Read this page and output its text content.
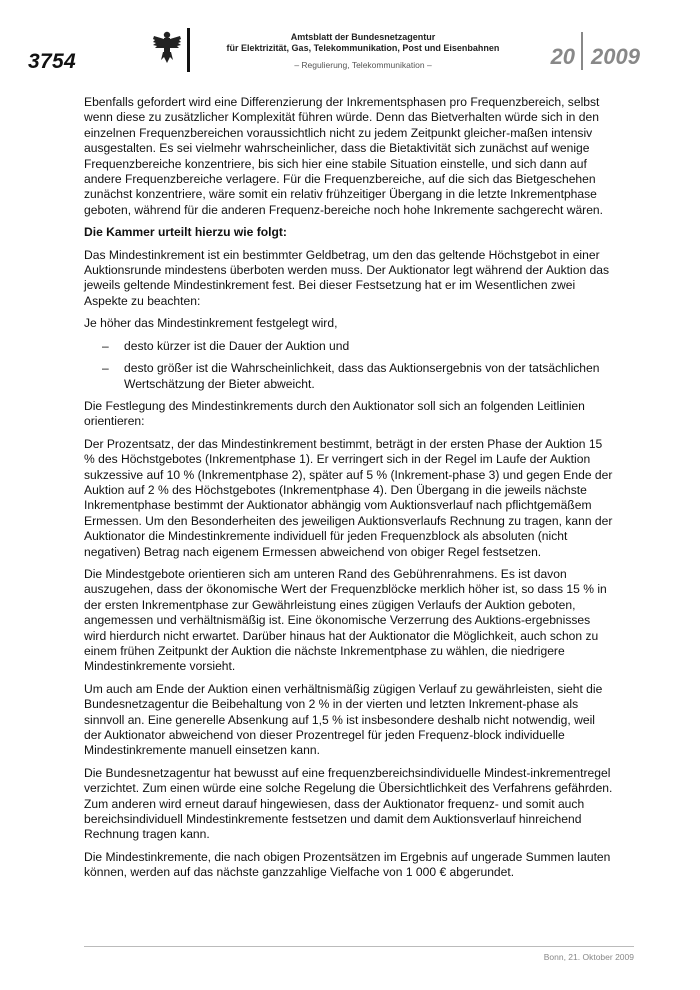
3754
Amtsblatt der Bundesnetzagentur
für Elektrizität, Gas, Telekommunikation, Post und Eisenbahnen
– Regulierung, Telekommunikation –	20 2009

Ebenfalls gefordert wird eine Differenzierung der Inkrementsphasen pro Frequenzbereich, selbst wenn diese zu zusätzlicher Komplexität führen würde. Denn das Bietverhalten würde sich in den einzelnen Frequenzbereichen voraussichtlich nicht zu jedem Zeitpunkt gleicher-maßen intensiv ausgestalten. Es sei vielmehr wahrscheinlicher, dass die Bietaktivität sich zunächst auf wenige Frequenzbereiche konzentriere, bis sich hier eine stabile Situation einstelle, und sich dann auf andere Frequenzbereiche verlagere. Für die Frequenzbereiche, auf die sich das Bietgeschehen zunächst konzentriere, wäre somit ein relativ frühzeitiger Übergang in die letzte Inkrementphase geboten, während für die anderen Frequenz-bereiche noch hohe Inkremente sachgerecht wären.

Die Kammer urteilt hierzu wie folgt:

Das Mindestinkrement ist ein bestimmter Geldbetrag, um den das geltende Höchstgebot in einer Auktionsrunde mindestens überboten werden muss. Der Auktionator legt während der Auktion das jeweils geltende Mindestinkrement fest. Bei dieser Festsetzung hat er im Wesentlichen zwei Aspekte zu beachten:

Je höher das Mindestinkrement festgelegt wird,

– desto kürzer ist die Dauer der Auktion und
– desto größer ist die Wahrscheinlichkeit, dass das Auktionsergebnis von der tatsächlichen Wertschätzung der Bieter abweicht.

Die Festlegung des Mindestinkrements durch den Auktionator soll sich an folgenden Leitlinien orientieren:

Der Prozentsatz, der das Mindestinkrement bestimmt, beträgt in der ersten Phase der Auktion 15 % des Höchstgebotes (Inkrementphase 1). Er verringert sich in der Regel im Laufe der Auktion sukzessive auf 10 % (Inkrementphase 2), später auf 5 % (Inkrement-phase 3) und gegen Ende der Auktion auf 2 % des Höchstgebotes (Inkrementphase 4). Den Übergang in die jeweils nächste Inkrementphase bestimmt der Auktionator abhängig vom Auktionsverlauf nach pflichtgemäßem Ermessen. Um den Besonderheiten des jeweiligen Auktionsverlaufs Rechnung zu tragen, kann der Auktionator die Mindestinkremente individuell für jeden Frequenzblock als absoluten (nicht negativen) Betrag nach eigenem Ermessen abweichend von obiger Regel festsetzen.

Die Mindestgebote orientieren sich am unteren Rand des Gebührenrahmens. Es ist davon auszugehen, dass der ökonomische Wert der Frequenzblöcke merklich höher ist, so dass 15 % in der ersten Inkrementphase zur Gewährleistung eines zügigen Verlaufs der Auktion geboten, angemessen und verhältnismäßig ist. Eine ökonomische Verzerrung des Auktions-ergebnisses wird hierdurch nicht erwartet. Darüber hinaus hat der Auktionator die Möglichkeit, auch schon zu einem frühen Zeitpunkt der Auktion die nächste Inkrementphase zu wählen, die niedrigere Mindestinkremente vorsieht.

Um auch am Ende der Auktion einen verhältnismäßig zügigen Verlauf zu gewährleisten, sieht die Bundesnetzagentur die Beibehaltung von 2 % in der vierten und letzten Inkrement-phase als sinnvoll an. Eine generelle Absenkung auf 1,5 % ist insbesondere deshalb nicht notwendig, weil der Auktionator abweichend von dieser Prozentregel für jeden Frequenz-block individuelle Mindestinkremente manuell einsetzen kann.

Die Bundesnetzagentur hat bewusst auf eine frequenzbereichsindividuelle Mindest-inkrementregel verzichtet. Zum einen würde eine solche Regelung die Übersichtlichkeit des Verfahrens gefährden. Zum anderen wird erneut darauf hingewiesen, dass der Auktionator frequenz- und somit auch bereichsindividuell Mindestinkremente festsetzen und damit dem Auktionsverlauf hinreichend Rechnung tragen kann.

Die Mindestinkremente, die nach obigen Prozentsätzen im Ergebnis auf ungerade Summen lauten können, werden auf das nächste ganzzahlige Vielfache von 1 000 € abgerundet.

Bonn, 21. Oktober 2009
